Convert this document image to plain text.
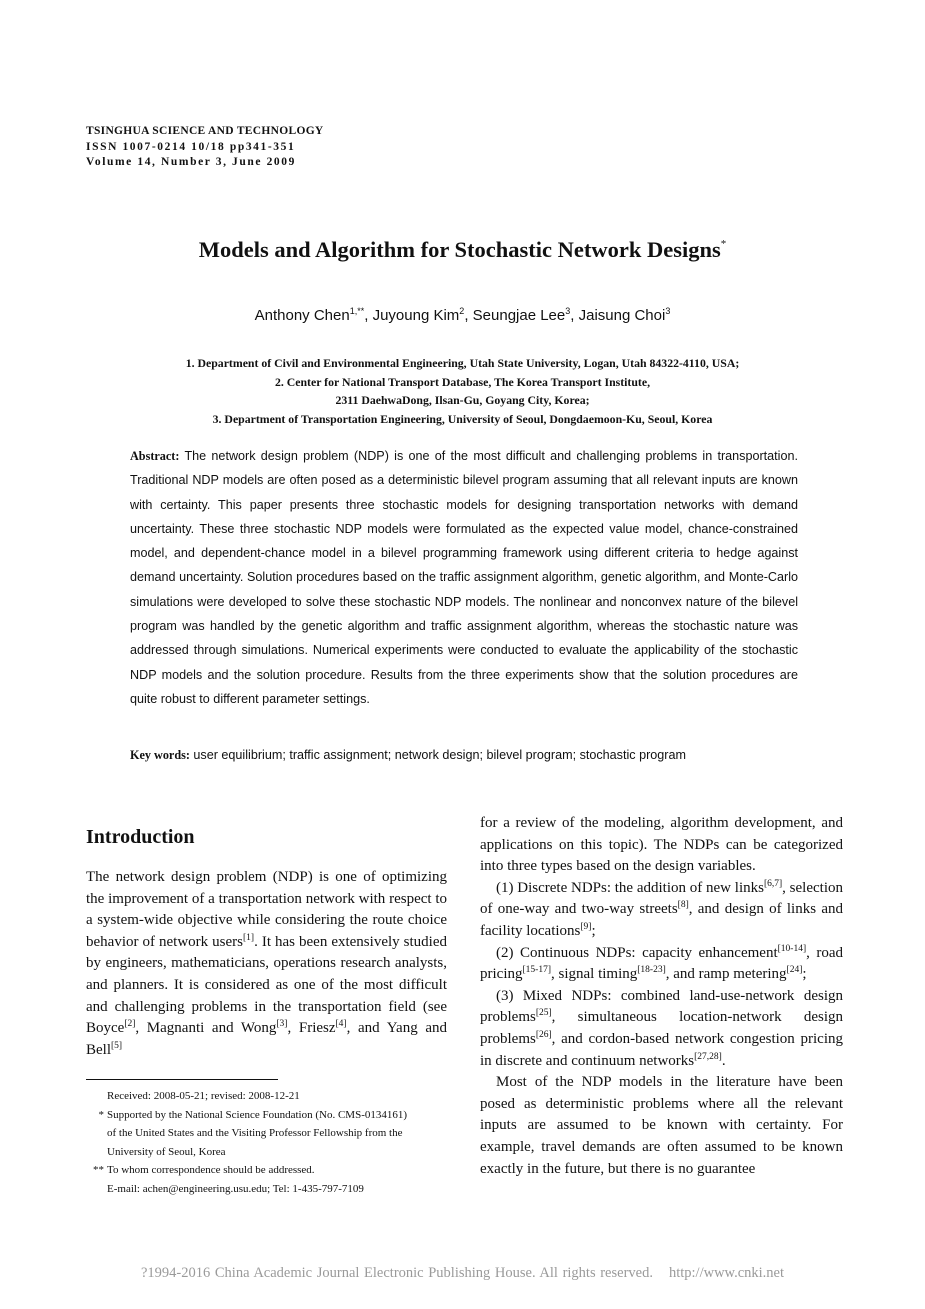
TSINGHUA SCIENCE AND TECHNOLOGY
ISSN 1007-0214 10/18 pp341-351
Volume 14, Number 3, June 2009
Models and Algorithm for Stochastic Network Designs*
Anthony Chen$^{1,**}$, Juyoung Kim$^2$, Seungjae Lee$^3$, Jaisung Choi$^3$
1. Department of Civil and Environmental Engineering, Utah State University, Logan, Utah 84322-4110, USA;
2. Center for National Transport Database, The Korea Transport Institute,
2311 DaehwaDong, Ilsan-Gu, Goyang City, Korea;
3. Department of Transportation Engineering, University of Seoul, Dongdaemoon-Ku, Seoul, Korea
Abstract: The network design problem (NDP) is one of the most difficult and challenging problems in transportation. Traditional NDP models are often posed as a deterministic bilevel program assuming that all relevant inputs are known with certainty. This paper presents three stochastic models for designing transportation networks with demand uncertainty. These three stochastic NDP models were formulated as the expected value model, chance-constrained model, and dependent-chance model in a bilevel programming framework using different criteria to hedge against demand uncertainty. Solution procedures based on the traffic assignment algorithm, genetic algorithm, and Monte-Carlo simulations were developed to solve these stochastic NDP models. The nonlinear and nonconvex nature of the bilevel program was handled by the genetic algorithm and traffic assignment algorithm, whereas the stochastic nature was addressed through simulations. Numerical experiments were conducted to evaluate the applicability of the stochastic NDP models and the solution procedure. Results from the three experiments show that the solution procedures are quite robust to different parameter settings.
Key words: user equilibrium; traffic assignment; network design; bilevel program; stochastic program
Introduction

The network design problem (NDP) is one of optimizing the improvement of a transportation network with respect to a system-wide objective while considering the route choice behavior of network users[1]. It has been extensively studied by engineers, mathematicians, operations research analysts, and planners. It is considered as one of the most difficult and challenging problems in the transportation field (see Boyce[2], Magnanti and Wong[3], Friesz[4], and Yang and Bell[5]

Received: 2008-05-21; revised: 2008-12-21
* Supported by the National Science Foundation (No. CMS-0134161)
of the United States and the Visiting Professor Fellowship from the
University of Seoul, Korea
** To whom correspondence should be addressed.
E-mail: achen@engineering.usu.edu; Tel: 1-435-797-7109

for a review of the modeling, algorithm development, and applications on this topic). The NDPs can be categorized into three types based on the design variables.

(1) Discrete NDPs: the addition of new links[6,7], selection of one-way and two-way streets[8], and design of links and facility locations[9];

(2) Continuous NDPs: capacity enhancement[10-14], road pricing[15-17], signal timing[18-23], and ramp metering[24];

(3) Mixed NDPs: combined land-use-network design problems[25], simultaneous location-network design problems[26], and cordon-based network congestion pricing in discrete and continuum networks[27,28].

Most of the NDP models in the literature have been posed as deterministic problems where all the relevant inputs are assumed to be known with certainty. For example, travel demands are often assumed to be known exactly in the future, but there is no guarantee

?1994-2016 China Academic Journal Electronic Publishing House. All rights reserved. http://www.cnki.net
